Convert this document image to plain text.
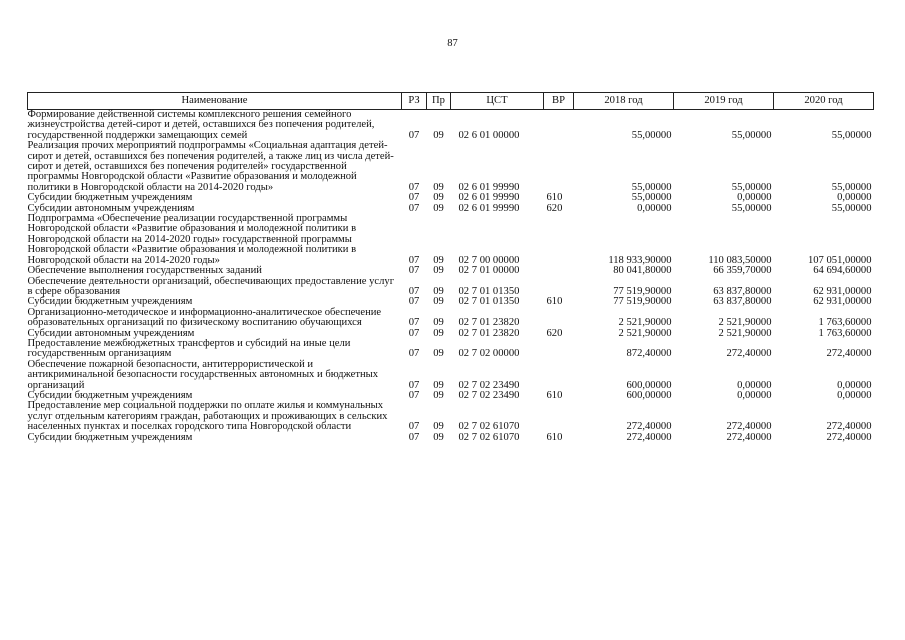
87
Наименование	РЗ	Пр	ЦСТ	ВР	2018 год	2019 год	2020 год
Формирование действенной системы комплексного решения семейного жизнеустройства детей-сирот и детей, оставшихся без попечения родителей, государственной поддержки замещающих семей	07	09	02 6 01 00000		55,00000	55,00000	55,00000
Реализация прочих мероприятий подпрограммы «Социальная адаптация детей-сирот и детей, оставшихся без попечения родителей, а также лиц из числа детей-сирот и детей, оставшихся без попечения родителей» государственной программы Новгородской области «Развитие образования и молодежной политики в Новгородской области на 2014-2020 годы»	07	09	02 6 01 99990		55,00000	55,00000	55,00000
Субсидии бюджетным учреждениям	07	09	02 6 01 99990	610	55,00000	0,00000	0,00000
Субсидии автономным учреждениям	07	09	02 6 01 99990	620	0,00000	55,00000	55,00000
Подпрограмма «Обеспечение реализации государственной программы Новгородской области «Развитие образования и молодежной политики в Новгородской области на 2014-2020 годы» государственной программы Новгородской области «Развитие образования и молодежной политики в Новгородской области на 2014-2020 годы»	07	09	02 7 00 00000		118 933,90000	110 083,50000	107 051,00000
Обеспечение выполнения государственных заданий	07	09	02 7 01 00000		80 041,80000	66 359,70000	64 694,60000
Обеспечение деятельности организаций, обеспечивающих предоставление услуг в сфере образования	07	09	02 7 01 01350		77 519,90000	63 837,80000	62 931,00000
Субсидии бюджетным учреждениям	07	09	02 7 01 01350	610	77 519,90000	63 837,80000	62 931,00000
Организационно-методическое и информационно-аналитическое обеспечение образовательных организаций по физическому воспитанию обучающихся	07	09	02 7 01 23820		2 521,90000	2 521,90000	1 763,60000
Субсидии автономным учреждениям	07	09	02 7 01 23820	620	2 521,90000	2 521,90000	1 763,60000
Предоставление межбюджетных трансфертов и субсидий на иные цели государственным организациям	07	09	02 7 02 00000		872,40000	272,40000	272,40000
Обеспечение пожарной безопасности, антитеррористической и антикриминальной безопасности государственных автономных и бюджетных организаций	07	09	02 7 02 23490		600,00000	0,00000	0,00000
Субсидии бюджетным учреждениям	07	09	02 7 02 23490	610	600,00000	0,00000	0,00000
Предоставление мер социальной поддержки по оплате жилья и коммунальных услуг отдельным категориям граждан, работающих и проживающих в сельских населенных пунктах и поселках городского типа Новгородской области	07	09	02 7 02 61070		272,40000	272,40000	272,40000
Субсидии бюджетным учреждениям	07	09	02 7 02 61070	610	272,40000	272,40000	272,40000
